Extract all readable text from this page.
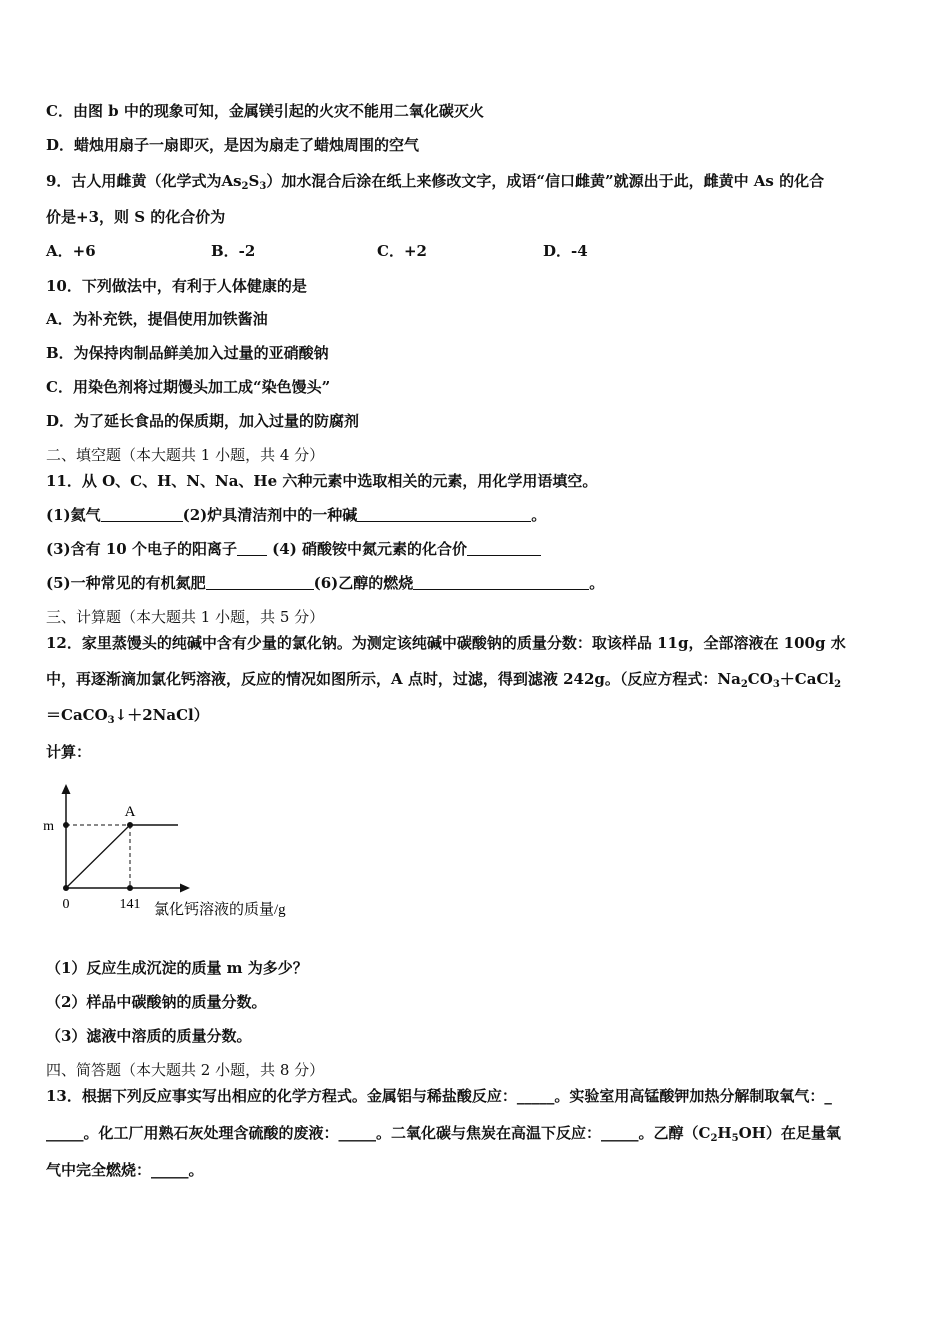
C．由图 b 中的现象可知，金属镁引起的火灾不能用二氧化碳灭火
D．蜡烛用扇子一扇即灭，是因为扇走了蜡烛周围的空气
9．古人用雌黄（化学式为$As_2S_3$）加水混合后涂在纸上来修改文字，成语“信口雌黄”就源出于此，雌黄中 As 的化合
价是+3，则 S 的化合价为
A．+6	B．-2	C．+2	D．-4
10．下列做法中，有利于人体健康的是
A．为补充铁，提倡使用加铁酱油
B．为保持肉制品鲜美加入过量的亚硝酸钠
C．用染色剂将过期馒头加工成“染色馒头”
D．为了延长食品的保质期，加入过量的防腐剂
二、填空题（本大题共 1 小题，共 4 分）
11．从 O、C、H、N、Na、He 六种元素中选取相关的元素，用化学用语填空。
(1)氦气	(2)炉具清洁剂中的一种碱	。
(3)含有 10 个电子的阳离子 (4) 硝酸铵中氮元素的化合价
(5)一种常见的有机氮肥	(6)乙醇的燃烧	。
三、计算题（本大题共 1 小题，共 5 分）
12．家里蒸馒头的纯碱中含有少量的氯化钠。为测定该纯碱中碳酸钠的质量分数：取该样品 11g，全部溶液在 100g 水
中，再逐渐滴加氯化钙溶液，反应的情况如图所示，A 点时，过滤，得到滤液 242g。（反应方程式：$Na_2CO_3+CaCl_2$
＝CaCO$_3$↓＋2NaCl）
计算：
m
0	141
A
氯化钙溶液的质量/g
（1）反应生成沉淀的质量 m 为多少？
（2）样品中碳酸钠的质量分数。
（3）滤液中溶质的质量分数。
四、简答题（本大题共 2 小题，共 8 分）
13．根据下列反应事实写出相应的化学方程式。金属铝与稀盐酸反应：_____。实验室用高锰酸钾加热分解制取氧气：_
_____。化工厂用熟石灰处理含硫酸的废液：_____。二氧化碳与焦炭在高温下反应：_____。乙醇$(C_2H_5OH)$在足量氧
气中完全燃烧：_____。
